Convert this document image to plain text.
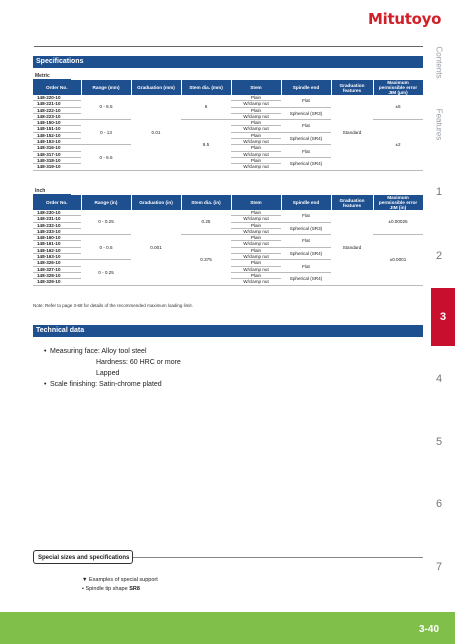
Mitutoyo
Contents
Features
1
2
3
4
5
6
7
Specifications
Metric
Order No.	Range (mm)	Graduation (mm)	Stem dia. (mm)	Stem	Spindle end	Graduation features	Maximum permissible error JIM (μm)
148-220-10	0 - 6.5	0.01	6	Plain	Flat	Standard	±5
148-221-10				W/clamp nut			
148-222-10				Plain	Spherical (SR3)		
148-223-10				W/clamp nut			
148-150-10	0 - 13		9.5	Plain	Flat		±2
148-151-10				W/clamp nut			
148-152-10				Plain	Spherical (SR4)		
148-153-10				W/clamp nut			
148-316-10	0 - 6.5			Plain	Flat		
148-317-10				W/clamp nut			
148-318-10				Plain	Spherical (SR4)		
148-319-10				W/clamp nut			
Inch
Order No.	Range (in)	Graduation (in)	Stem dia. (in)	Stem	Spindle end	Graduation features	Maximum permissible error JIM (in)
148-230-10	0 - 0.25	0.001	0.25	Plain	Flat	Standard	±0.00025
148-231-10				W/clamp nut			
148-232-10				Plain	Spherical (SR3)		
148-233-10				W/clamp nut			
148-160-10	0 - 0.5		0.375	Plain	Flat		±0.0001
148-161-10				W/clamp nut			
148-162-10				Plain	Spherical (SR4)		
148-163-10				W/clamp nut			
148-326-10	0 - 0.25			Plain	Flat		
148-327-10				W/clamp nut			
148-328-10				Plain	Spherical (SR4)		
148-329-10				W/clamp nut			
Note: Refer to page 3-68 for details of the recommended maximum loading limit.
Technical data
• Measuring face: Alloy tool steel
Hardness: 60 HRC or more
Lapped
• Scale finishing: Satin-chrome plated
Special sizes and specifications
▼ Examples of special support
• Spindle tip shape SR8
3-40
